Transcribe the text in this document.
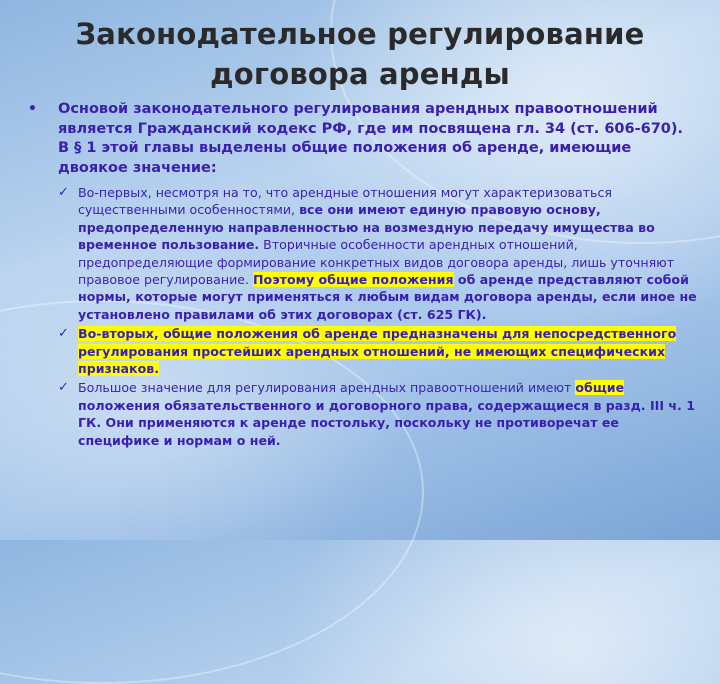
Законодательное регулирование
договора аренды
• Основой законодательного регулирования арендных правоотношений является Гражданский кодекс РФ, где им посвящена гл. 34 (ст. 606-670). В § 1 этой главы выделены общие положения об аренде, имеющие двоякое значение:
✓ Во-первых, несмотря на то, что арендные отношения могут характеризоваться существенными особенностями, все они имеют единую правовую основу, предопределенную направленностью на возмездную передачу имущества во временное пользование. Вторичные особенности арендных отношений, предопределяющие формирование конкретных видов договора аренды, лишь уточняют правовое регулирование. Поэтому общие положения об аренде представляют собой нормы, которые могут применяться к любым видам договора аренды, если иное не установлено правилами об этих договорах (ст. 625 ГК).
✓ Во-вторых, общие положения об аренде предназначены для непосредственного регулирования простейших арендных отношений, не имеющих специфических признаков.
✓ Большое значение для регулирования арендных правоотношений имеют общие положения обязательственного и договорного права, содержащиеся в разд. III ч. 1 ГК. Они применяются к аренде постольку, поскольку не противоречат ее специфике и нормам о ней.
